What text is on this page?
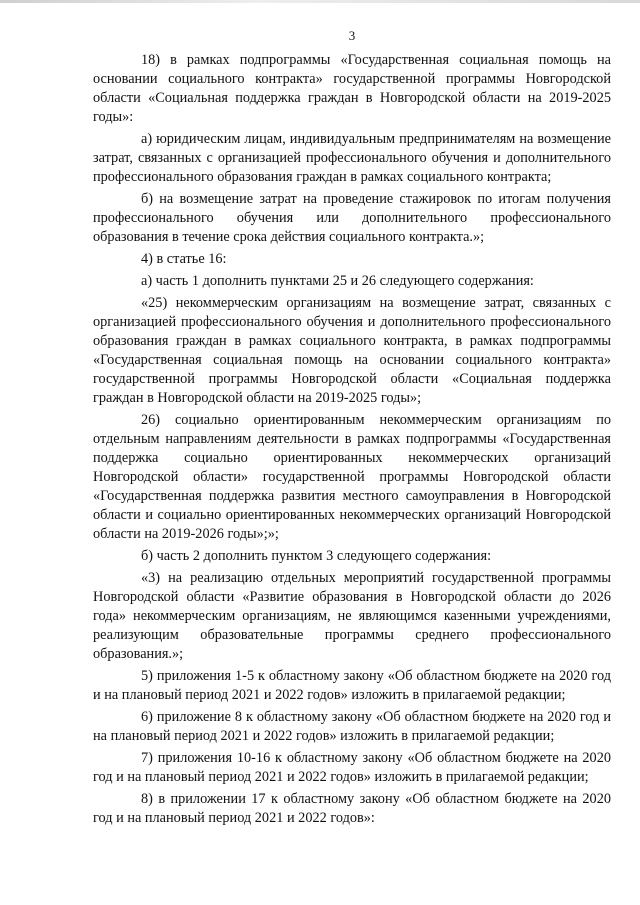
3

18) в рамках подпрограммы «Государственная социальная помощь на основании социального контракта» государственной программы Новгородской области «Социальная поддержка граждан в Новгородской области на 2019-2025 годы»:

а) юридическим лицам, индивидуальным предпринимателям на возмещение затрат, связанных с организацией профессионального обучения и дополнительного профессионального образования граждан в рамках социального контракта;

б) на возмещение затрат на проведение стажировок по итогам получения профессионального обучения или дополнительного профессионального образования в течение срока действия социального контракта.»;

4) в статье 16:

а) часть 1 дополнить пунктами 25 и 26 следующего содержания:

«25) некоммерческим организациям на возмещение затрат, связанных с организацией профессионального обучения и дополнительного профессионального образования граждан в рамках социального контракта, в рамках подпрограммы «Государственная социальная помощь на основании социального контракта» государственной программы Новгородской области «Социальная поддержка граждан в Новгородской области на 2019-2025 годы»;

26) социально ориентированным некоммерческим организациям по отдельным направлениям деятельности в рамках подпрограммы «Государственная поддержка социально ориентированных некоммерческих организаций Новгородской области» государственной программы Новгородской области «Государственная поддержка развития местного самоуправления в Новгородской области и социально ориентированных некоммерческих организаций Новгородской области на 2019-2026 годы»;»;

б) часть 2 дополнить пунктом 3 следующего содержания:

«3) на реализацию отдельных мероприятий государственной программы Новгородской области «Развитие образования в Новгородской области до 2026 года» некоммерческим организациям, не являющимся казенными учреждениями, реализующим образовательные программы среднего профессионального образования.»;

5) приложения 1-5 к областному закону «Об областном бюджете на 2020 год и на плановый период 2021 и 2022 годов» изложить в прилагаемой редакции;

6) приложение 8 к областному закону «Об областном бюджете на 2020 год и на плановый период 2021 и 2022 годов» изложить в прилагаемой редакции;

7) приложения 10-16 к областному закону «Об областном бюджете на 2020 год и на плановый период 2021 и 2022 годов» изложить в прилагаемой редакции;

8) в приложении 17 к областному закону «Об областном бюджете на 2020 год и на плановый период 2021 и 2022 годов»:
